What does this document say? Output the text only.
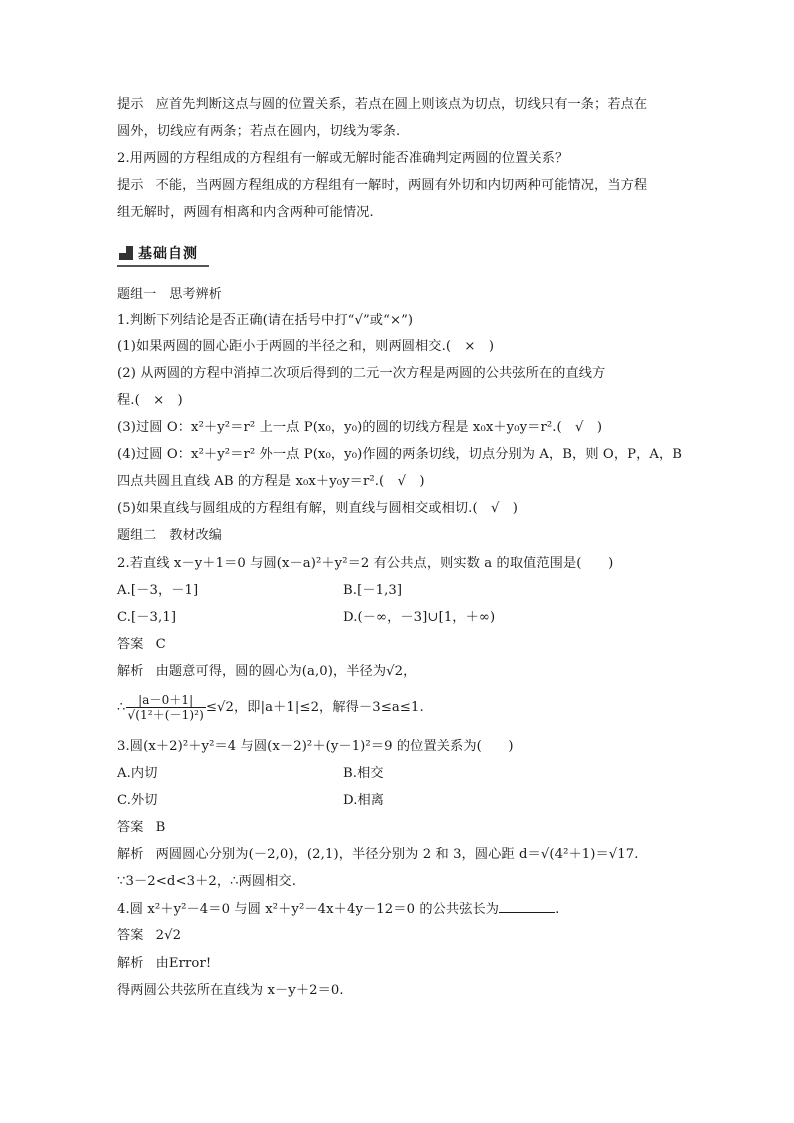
提示 应首先判断这点与圆的位置关系，若点在圆上则该点为切点，切线只有一条；若点在
圆外，切线应有两条；若点在圆内，切线为零条.
2.用两圆的方程组成的方程组有一解或无解时能否准确判定两圆的位置关系？
提示 不能，当两圆方程组成的方程组有一解时，两圆有外切和内切两种可能情况，当方程
组无解时，两圆有相离和内含两种可能情况.
基础自测
题组一　思考辨析
1.判断下列结论是否正确(请在括号中打“√”或“×”)
(1)如果两圆的圆心距小于两圆的半径之和，则两圆相交.(　×　)
(2) 从两圆的方程中消掉二次项后得到的二元一次方程是两圆的公共弦所在的直线方
程.(　×　)
(3)过圆 O：x²＋y²＝r² 上一点 P(x₀，y₀)的圆的切线方程是 x₀x＋y₀y＝r².(　√　)
(4)过圆 O：x²＋y²＝r² 外一点 P(x₀，y₀)作圆的两条切线，切点分别为 A，B，则 O，P，A，B
四点共圆且直线 AB 的方程是 x₀x＋y₀y＝r².(　√　)
(5)如果直线与圆组成的方程组有解，则直线与圆相交或相切.(　√　)
题组二　教材改编
2.若直线 x－y＋1＝0 与圆(x－a)²＋y²＝2 有公共点，则实数 a 的取值范围是(　　)
A.[－3，－1]	B.[－1,3]
C.[－3,1]	D.(－∞，－3]∪[1，＋∞)
答案 C
解析 由题意可得，圆的圆心为(a,0)，半径为√2，
∴ $\frac{|a-0+1|}{\text{√(1²＋(－1)²)}} \le√2$，即|a＋1|≤2，解得－3≤a≤1.
3.圆(x＋2)²＋y²＝4 与圆(x－2)²＋(y－1)²＝9 的位置关系为(　　)
A.内切	B.相交
C.外切	D.相离
答案 B
解析 两圆圆心分别为(－2,0)，(2,1)，半径分别为 2 和 3，圆心距 d＝√(4²＋1)＝√17.
∵3－2<d<3＋2，∴两圆相交.
4.圆 x²＋y²－4＝0 与圆 x²＋y²－4x＋4y－12＝0 的公共弦长为	.
答案 2√2
解析 由Error!
得两圆公共弦所在直线为 x－y＋2＝0.
